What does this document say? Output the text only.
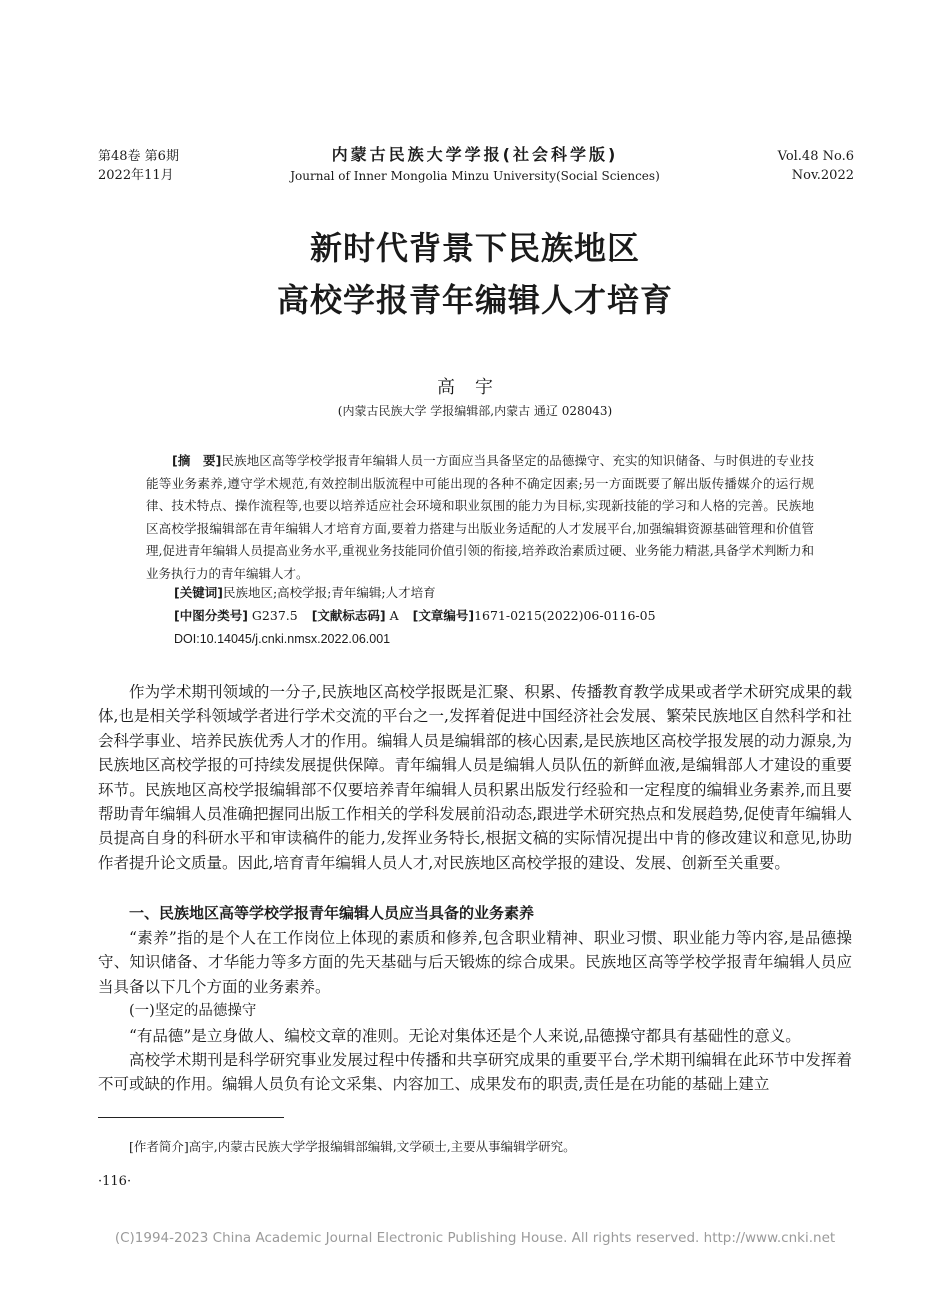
第48卷 第6期
2022年11月
内蒙古民族大学学报(社会科学版)
Journal of Inner Mongolia Minzu University(Social Sciences)
Vol.48 No.6
Nov.2022
新时代背景下民族地区
高校学报青年编辑人才培育
高宇
(内蒙古民族大学 学报编辑部,内蒙古 通辽 028043)
[摘　要]民族地区高等学校学报青年编辑人员一方面应当具备坚定的品德操守、充实的知识储备、与时俱进的专业技能等业务素养,遵守学术规范,有效控制出版流程中可能出现的各种不确定因素;另一方面既要了解出版传播媒介的运行规律、技术特点、操作流程等,也要以培养适应社会环境和职业氛围的能力为目标,实现新技能的学习和人格的完善。民族地区高校学报编辑部在青年编辑人才培育方面,要着力搭建与出版业务适配的人才发展平台,加强编辑资源基础管理和价值管理,促进青年编辑人员提高业务水平,重视业务技能同价值引领的衔接,培养政治素质过硬、业务能力精湛,具备学术判断力和业务执行力的青年编辑人才。
[关键词]民族地区;高校学报;青年编辑;人才培育
[中图分类号] G237.5 [文献标志码] A [文章编号]1671-0215(2022)06-0116-05
DOI:10.14045/j.cnki.nmsx.2022.06.001

作为学术期刊领域的一分子,民族地区高校学报既是汇聚、积累、传播教育教学成果或者学术研究成果的载体,也是相关学科领域学者进行学术交流的平台之一,发挥着促进中国经济社会发展、繁荣民族地区自然科学和社会科学事业、培养民族优秀人才的作用。编辑人员是编辑部的核心因素,是民族地区高校学报发展的动力源泉,为民族地区高校学报的可持续发展提供保障。青年编辑人员是编辑人员队伍的新鲜血液,是编辑部人才建设的重要环节。民族地区高校学报编辑部不仅要培养青年编辑人员积累出版发行经验和一定程度的编辑业务素养,而且要帮助青年编辑人员准确把握同出版工作相关的学科发展前沿动态,跟进学术研究热点和发展趋势,促使青年编辑人员提高自身的科研水平和审读稿件的能力,发挥业务特长,根据文稿的实际情况提出中肯的修改建议和意见,协助作者提升论文质量。因此,培育青年编辑人员人才,对民族地区高校学报的建设、发展、创新至关重要。

一、民族地区高等学校学报青年编辑人员应当具备的业务素养

“素养”指的是个人在工作岗位上体现的素质和修养,包含职业精神、职业习惯、职业能力等内容,是品德操守、知识储备、才华能力等多方面的先天基础与后天锻炼的综合成果。民族地区高等学校学报青年编辑人员应当具备以下几个方面的业务素养。

(一)坚定的品德操守

“有品德”是立身做人、编校文章的准则。无论对集体还是个人来说,品德操守都具有基础性的意义。

高校学术期刊是科学研究事业发展过程中传播和共享研究成果的重要平台,学术期刊编辑在此环节中发挥着不可或缺的作用。编辑人员负有论文采集、内容加工、成果发布的职责,责任是在功能的基础上建立

[作者简介]高宇,内蒙古民族大学学报编辑部编辑,文学硕士,主要从事编辑学研究。
·116·
(C)1994-2023 China Academic Journal Electronic Publishing House. All rights reserved. http://www.cnki.net
